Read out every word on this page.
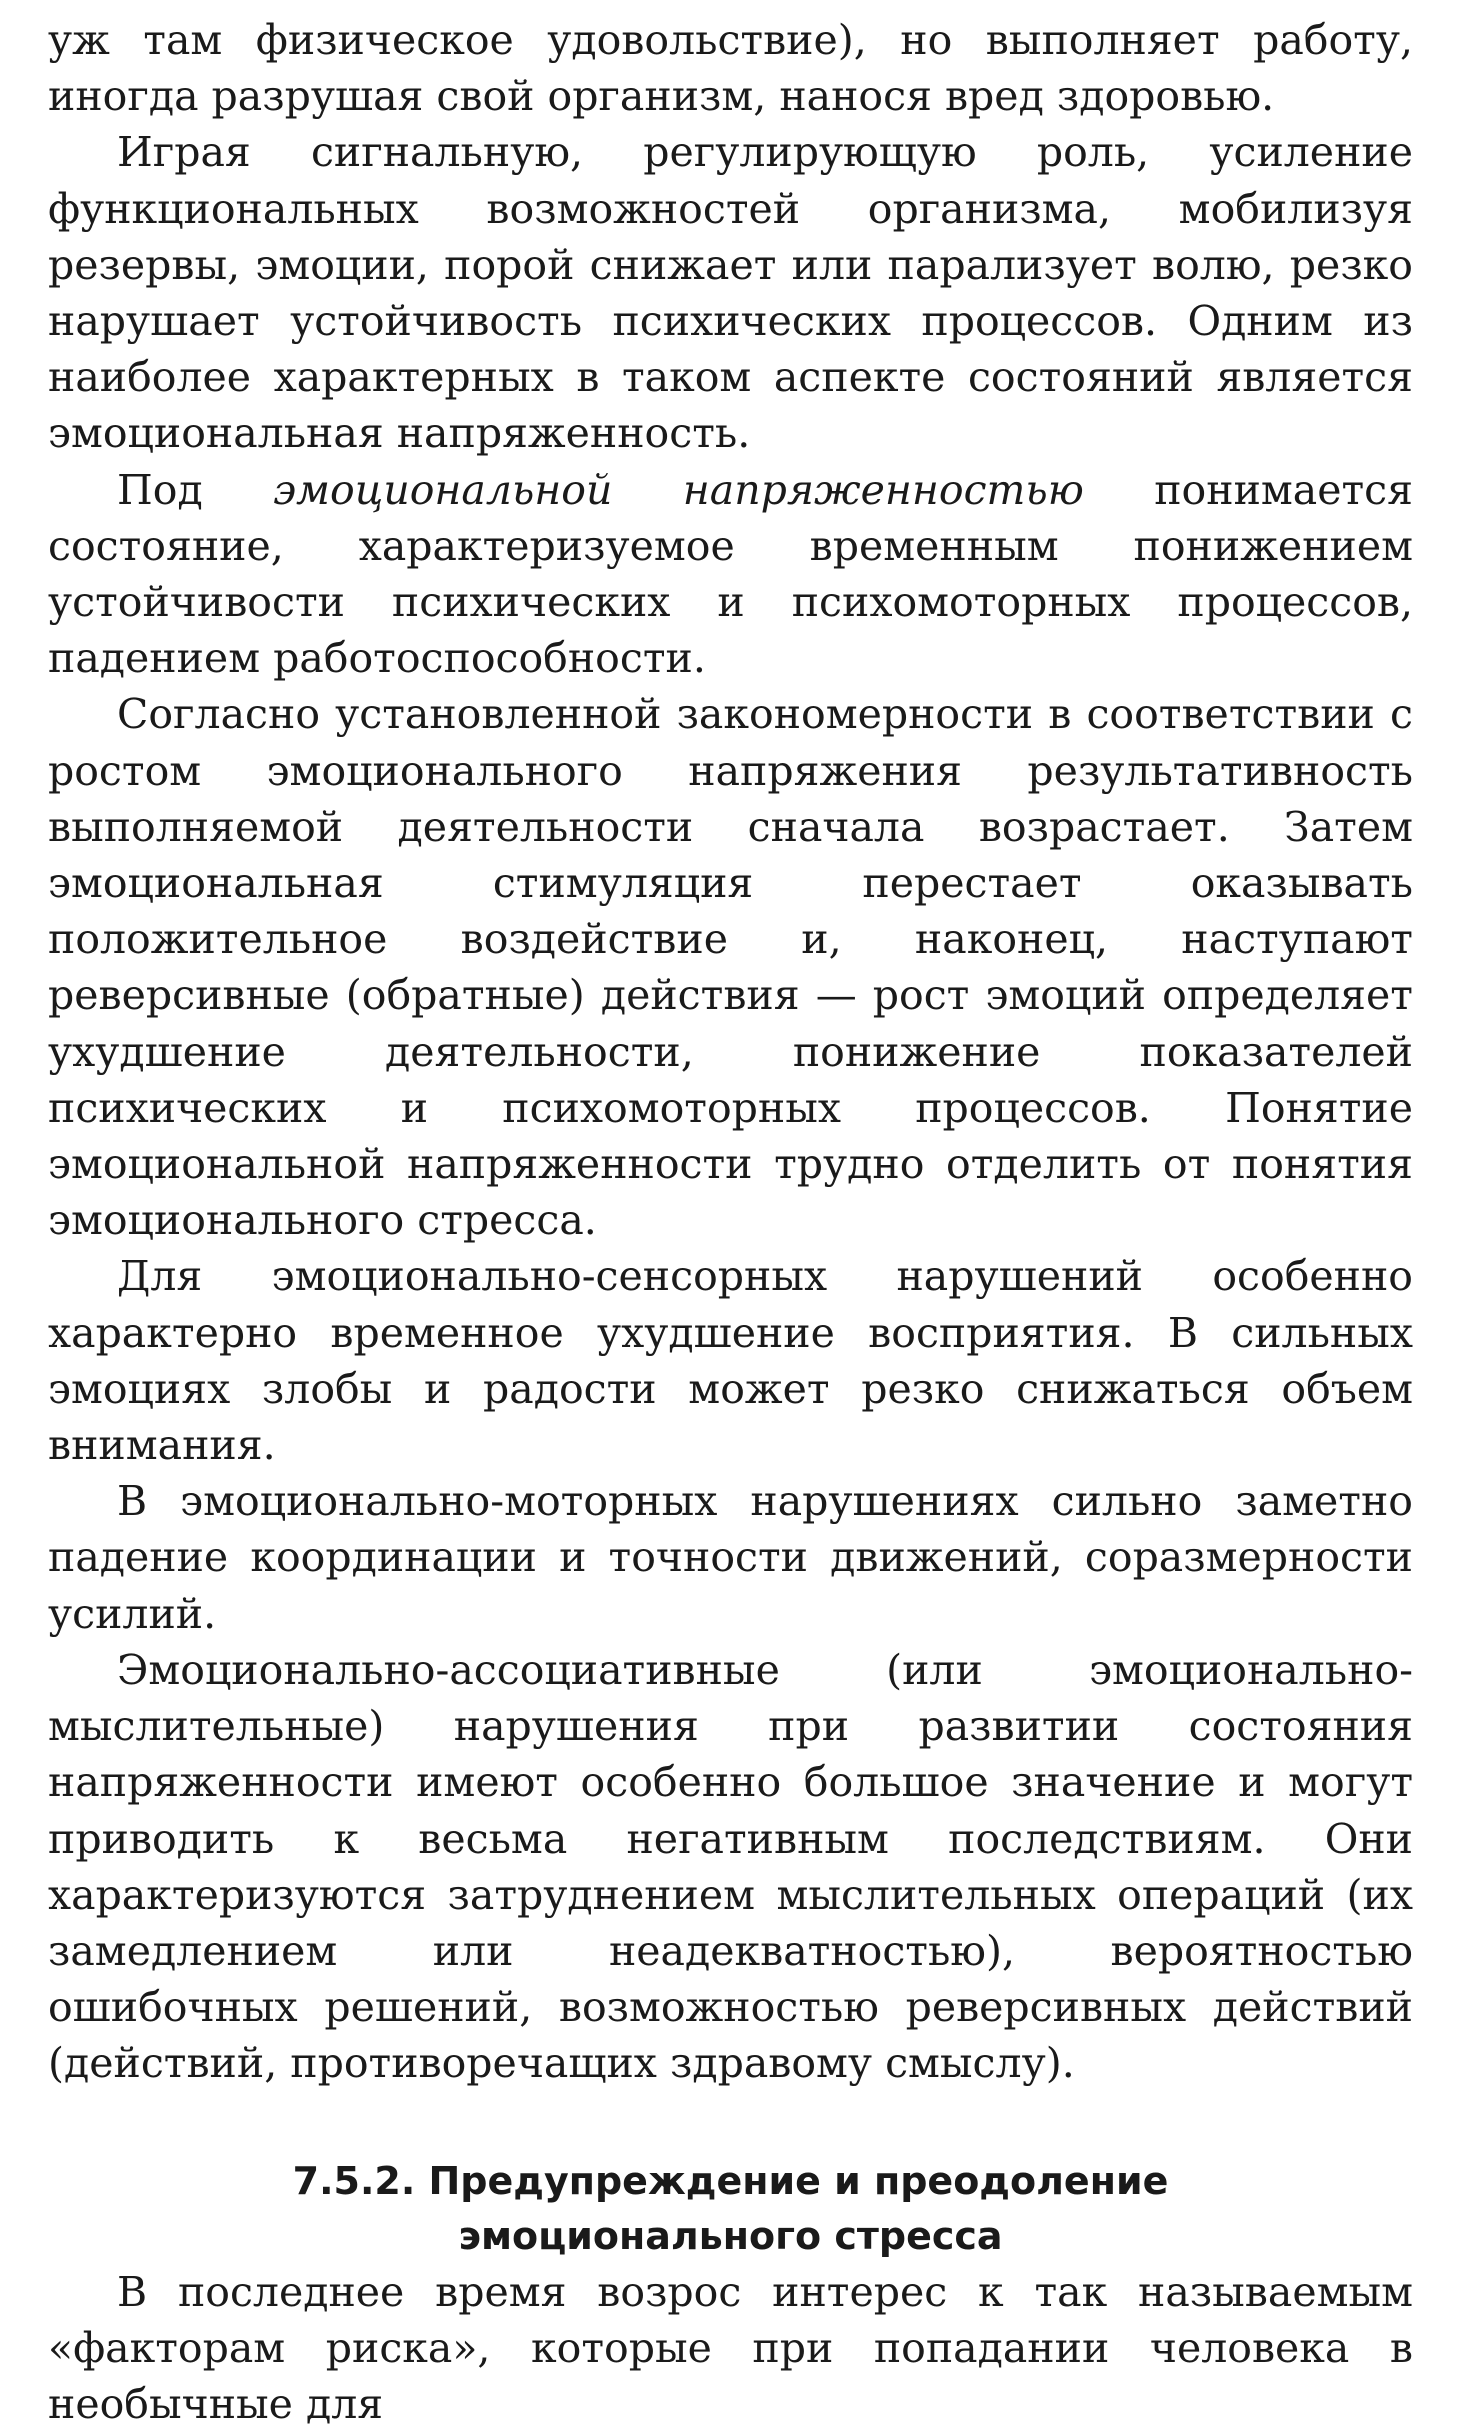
уж там физическое удовольствие), но выполняет работу, иногда разрушая свой организм, нанося вред здоровью.

Играя сигнальную, регулирующую роль, усиление функциональных возможностей организма, мобилизуя резервы, эмоции, порой снижает или парализует волю, резко нарушает устойчивость психических процессов. Одним из наиболее характерных в таком аспекте состояний является эмоциональная напряженность.

Под эмоциональной напряженностью понимается состояние, характеризуемое временным понижением устойчивости психических и психомоторных процессов, падением работоспособности.

Согласно установленной закономерности в соответствии с ростом эмоционального напряжения результативность выполняемой деятельности сначала возрастает. Затем эмоциональная стимуляция перестает оказывать положительное воздействие и, наконец, наступают реверсивные (обратные) действия — рост эмоций определяет ухудшение деятельности, понижение показателей психических и психомоторных процессов. Понятие эмоциональной напряженности трудно отделить от понятия эмоционального стресса.

Для эмоционально-сенсорных нарушений особенно характерно временное ухудшение восприятия. В сильных эмоциях злобы и радости может резко снижаться объем внимания.

В эмоционально-моторных нарушениях сильно заметно падение координации и точности движений, соразмерности усилий.

Эмоционально-ассоциативные (или эмоционально-мыслительные) нарушения при развитии состояния напряженности имеют особенно большое значение и могут приводить к весьма негативным последствиям. Они характеризуются затруднением мыслительных операций (их замедлением или неадекватностью), вероятностью ошибочных решений, возможностью реверсивных действий (действий, противоречащих здравому смыслу).

7.5.2. Предупреждение и преодоление
эмоционального стресса

В последнее время возрос интерес к так называемым «факторам риска», которые при попадании человека в необычные для
